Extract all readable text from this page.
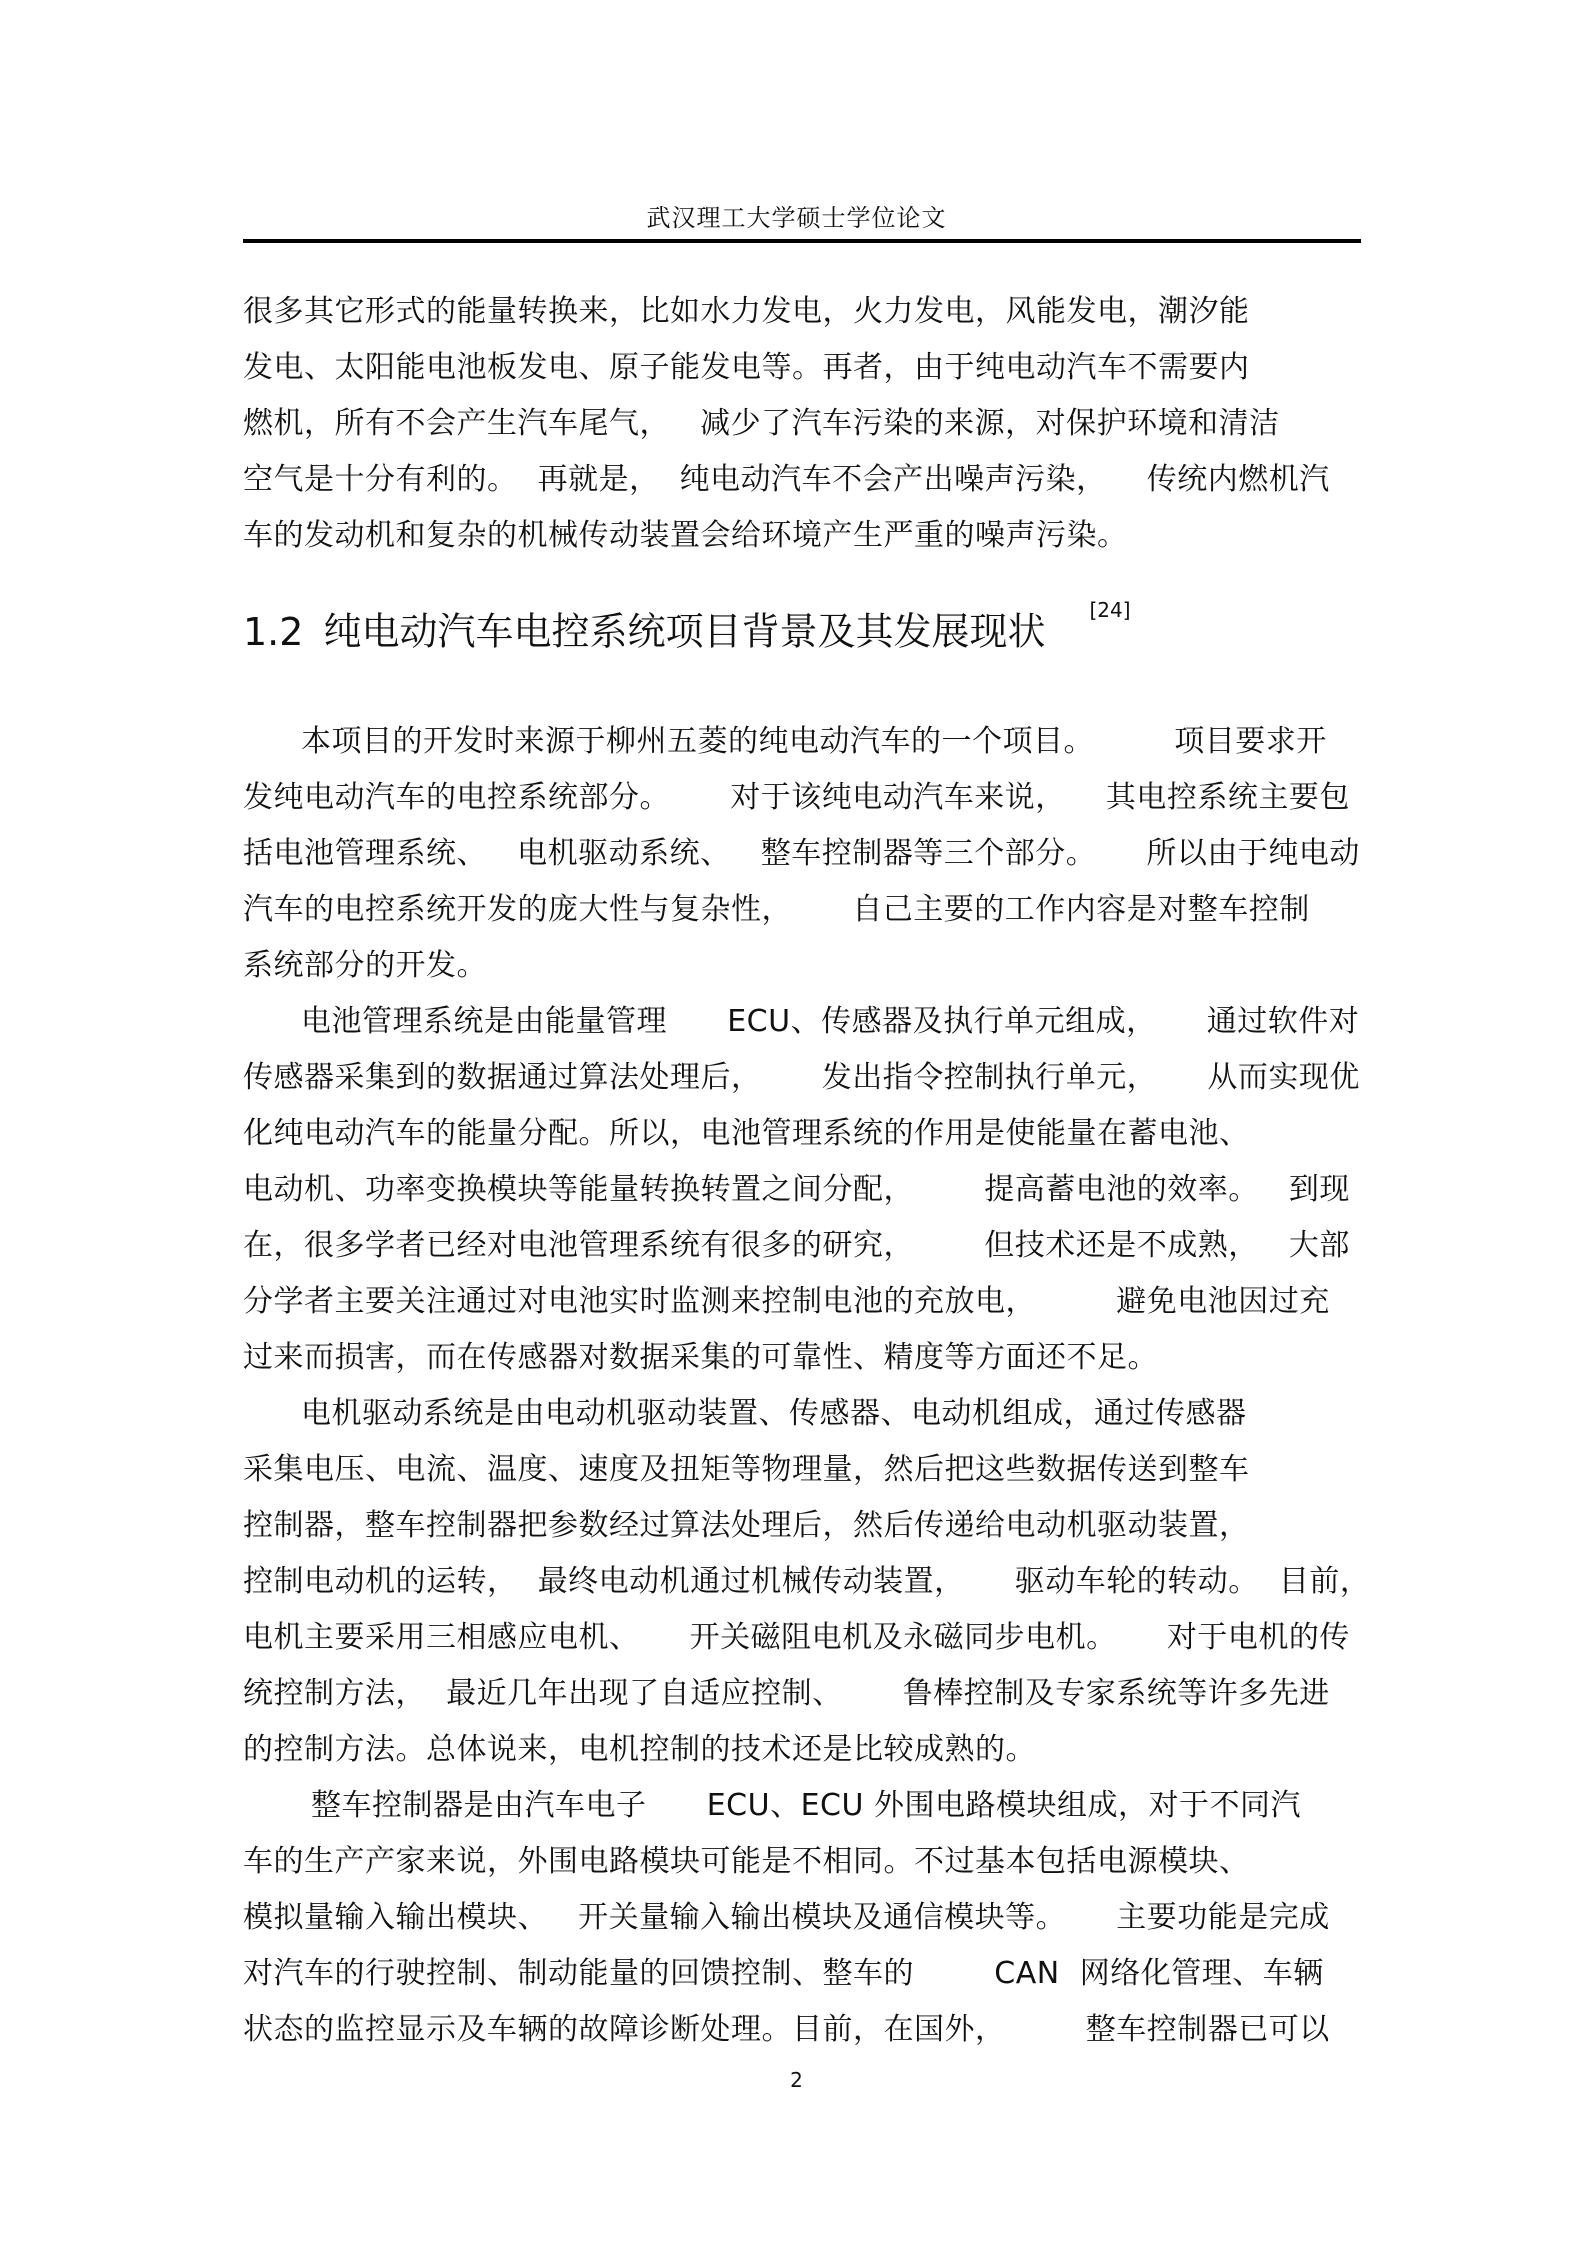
武汉理工大学硕士学位论文
很多其它形式的能量转换来，比如水力发电，火力发电，风能发电，潮汐能
发电、太阳能电池板发电、原子能发电等。再者，由于纯电动汽车不需要内
燃机，所有不会产生汽车尾气，   减少了汽车污染的来源，对保护环境和清洁
空气是十分有利的。  再就是，  纯电动汽车不会产出噪声污染，    传统内燃机汽
车的发动机和复杂的机械传动装置会给环境产生严重的噪声污染。
1.2 纯电动汽车电控系统项目背景及其发展现状 [24]
本项目的开发时来源于柳州五菱的纯电动汽车的一个项目。        项目要求开
发纯电动汽车的电控系统部分。      对于该纯电动汽车来说，    其电控系统主要包
括电池管理系统、   电机驱动系统、   整车控制器等三个部分。     所以由于纯电动
汽车的电控系统开发的庞大性与复杂性，      自己主要的工作内容是对整车控制
系统部分的开发。
电池管理系统是由能量管理      ECU、传感器及执行单元组成，     通过软件对
传感器采集到的数据通过算法处理后，      发出指令控制执行单元，     从而实现优
化纯电动汽车的能量分配。所以，电池管理系统的作用是使能量在蓄电池、
电动机、功率变换模块等能量转换转置之间分配，       提高蓄电池的效率。   到现
在，很多学者已经对电池管理系统有很多的研究，       但技术还是不成熟，   大部
分学者主要关注通过对电池实时监测来控制电池的充放电，        避免电池因过充
过来而损害，而在传感器对数据采集的可靠性、精度等方面还不足。
电机驱动系统是由电动机驱动装置、传感器、电动机组成，通过传感器
采集电压、电流、温度、速度及扭矩等物理量，然后把这些数据传送到整车
控制器，整车控制器把参数经过算法处理后，然后传递给电动机驱动装置，
控制电动机的运转，  最终电动机通过机械传动装置，     驱动车轮的转动。  目前，
电机主要采用三相感应电机、     开关磁阻电机及永磁同步电机。     对于电机的传
统控制方法，  最近几年出现了自适应控制、      鲁棒控制及专家系统等许多先进
的控制方法。总体说来，电机控制的技术还是比较成熟的。
整车控制器是由汽车电子      ECU、ECU 外围电路模块组成，对于不同汽
车的生产产家来说，外围电路模块可能是不相同。不过基本包括电源模块、
模拟量输入输出模块、   开关量输入输出模块及通信模块等。     主要功能是完成
对汽车的行驶控制、制动能量的回馈控制、整车的        CAN  网络化管理、车辆
状态的监控显示及车辆的故障诊断处理。目前，在国外，        整车控制器已可以
2
